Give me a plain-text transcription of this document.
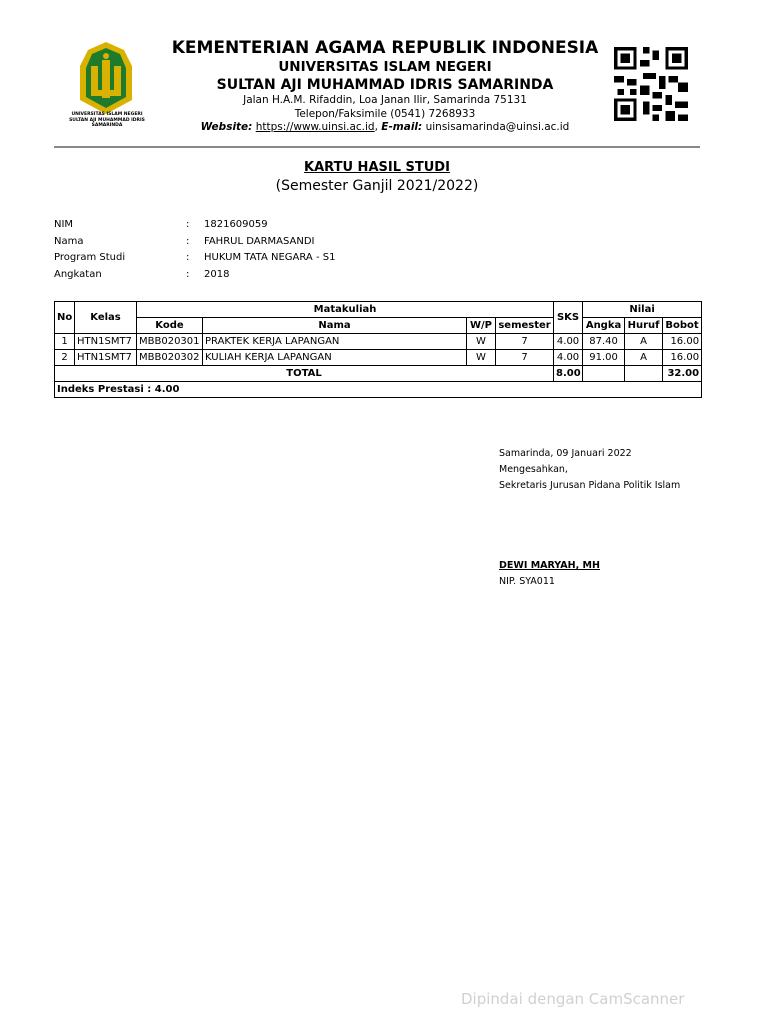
UNIVERSITAS ISLAM NEGERI
SULTAN AJI MUHAMMAD IDRIS
SAMARINDA
KEMENTERIAN AGAMA REPUBLIK INDONESIA
UNIVERSITAS ISLAM NEGERI
SULTAN AJI MUHAMMAD IDRIS SAMARINDA
Jalan H.A.M. Rifaddin, Loa Janan Ilir, Samarinda 75131
Telepon/Faksimile (0541) 7268933
Website: https://www.uinsi.ac.id, E-mail: uinsisamarinda@uinsi.ac.id
KARTU HASIL STUDI
(Semester Ganjil 2021/2022)
NIM	:	1821609059
Nama	:	FAHRUL DARMASANDI
Program Studi	:	HUKUM TATA NEGARA - S1
Angkatan	:	2018
No	Kelas	Matakuliah				SKS	Nilai		
		Kode	Nama	W/P	semester		Angka	Huruf	Bobot
1	HTN1SMT7	MBB020301	PRAKTEK KERJA LAPANGAN	W	7	4.00	87.40	A	16.00
2	HTN1SMT7	MBB020302	KULIAH KERJA LAPANGAN	W	7	4.00	91.00	A	16.00
TOTAL						8.00			32.00
Indeks Prestasi : 4.00									
Samarinda, 09 Januari 2022
Mengesahkan,
Sekretaris Jurusan Pidana Politik Islam
DEWI MARYAH, MH
NIP. SYA011
Dipindai dengan CamScanner
